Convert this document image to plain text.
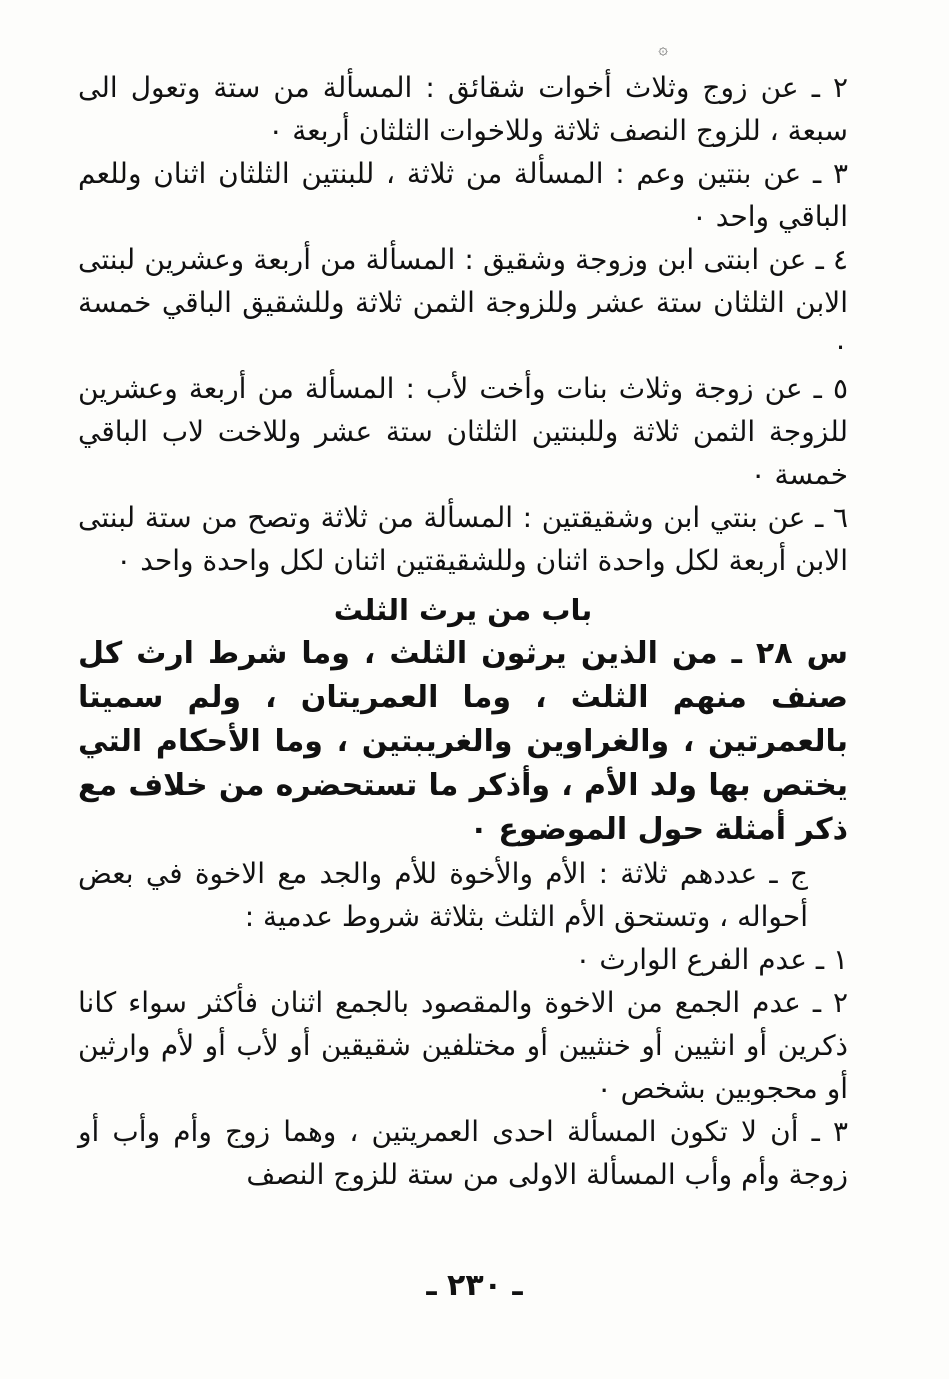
۞

٢ ـ عن زوج وثلاث أخوات شقائق : المسألة من ستة وتعول الى سبعة ، للزوج النصف ثلاثة وللاخوات الثلثان أربعة ٠

٣ ـ عن بنتين وعم : المسألة من ثلاثة ، للبنتين الثلثان اثنان وللعم الباقي واحد ٠

٤ ـ عن ابنتى ابن وزوجة وشقيق : المسألة من أربعة وعشرين لبنتى الابن الثلثان ستة عشر وللزوجة الثمن ثلاثة وللشقيق الباقي خمسة ٠

٥ ـ عن زوجة وثلاث بنات وأخت لأب : المسألة من أربعة وعشرين للزوجة الثمن ثلاثة وللبنتين الثلثان ستة عشر وللاخت لاب الباقي خمسة ٠

٦ ـ عن بنتي ابن وشقيقتين : المسألة من ثلاثة وتصح من ستة لبنتى الابن أربعة لكل واحدة اثنان وللشقيقتين اثنان لكل واحدة واحد ٠

باب من يرث الثلث

س ٢٨ ـ من الذين يرثون الثلث ، وما شرط ارث كل صنف منهم الثلث ، وما العمريتان ، ولم سميتا بالعمرتين ، والغراوين والغريبتين ، وما الأحكام التي يختص بها ولد الأم ، وأذكر ما تستحضره من خلاف مع ذكر أمثلة حول الموضوع ٠

ج ـ عددهم ثلاثة : الأم والأخوة للأم والجد مع الاخوة في بعض أحواله ، وتستحق الأم الثلث بثلاثة شروط عدمية :

١ ـ عدم الفرع الوارث ٠

٢ ـ عدم الجمع من الاخوة والمقصود بالجمع اثنان فأكثر سواء كانا ذكرين أو انثيين أو خنثيين أو مختلفين شقيقين أو لأب أو لأم وارثين أو محجوبين بشخص ٠

٣ ـ أن لا تكون المسألة احدى العمريتين ، وهما زوج وأم وأب أو زوجة وأم وأب المسألة الاولى من ستة للزوج النصف

ـ ٢٣٠ ـ
